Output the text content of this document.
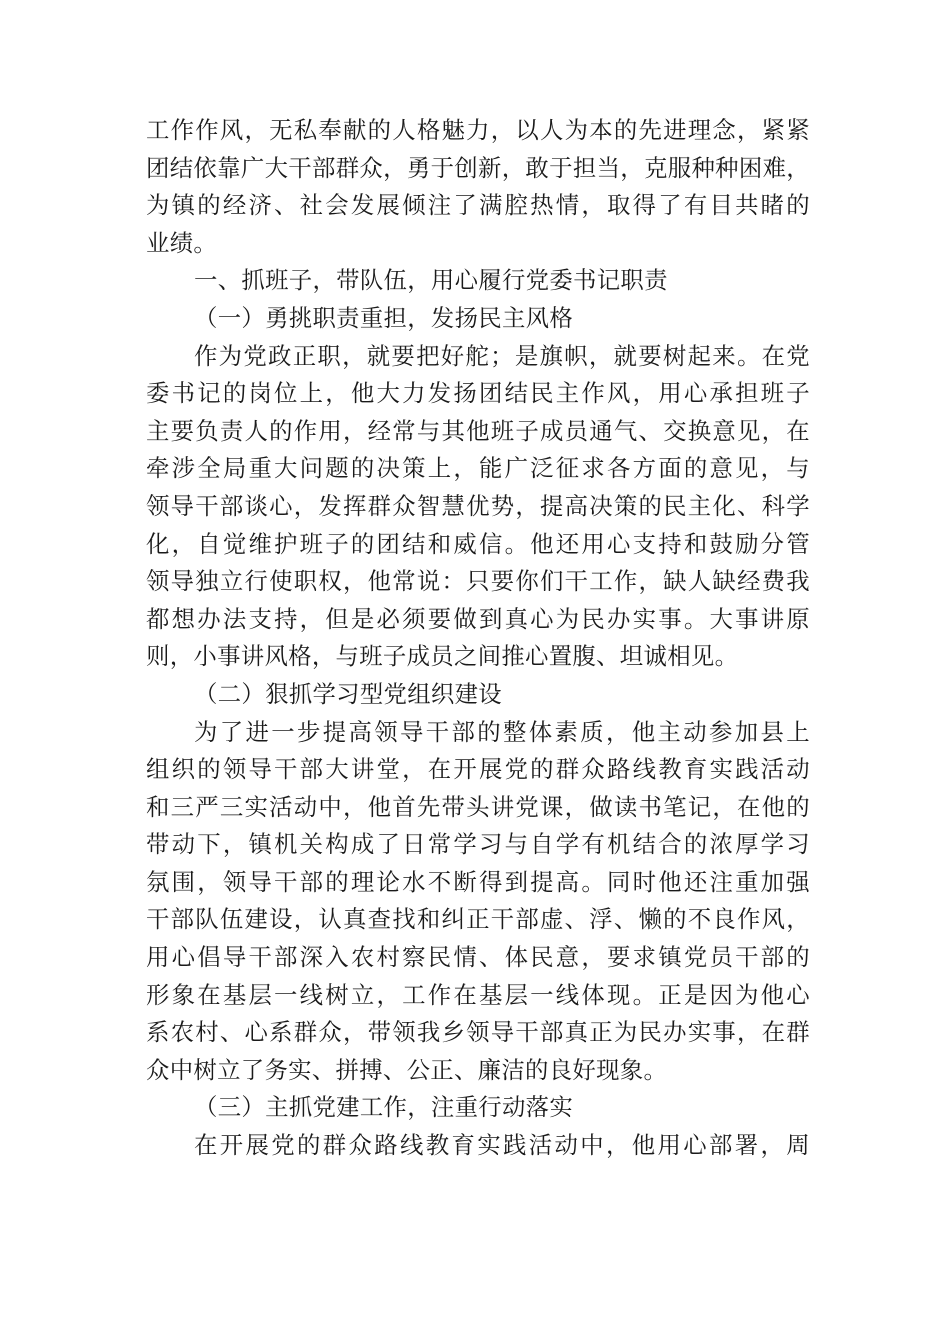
工作作风，无私奉献的人格魅力，以人为本的先进理念，紧紧
团结依靠广大干部群众，勇于创新，敢于担当，克服种种困难，
为镇的经济、社会发展倾注了满腔热情，取得了有目共睹的
业绩。
一、抓班子，带队伍，用心履行党委书记职责
（一）勇挑职责重担，发扬民主风格
作为党政正职，就要把好舵；是旗帜，就要树起来。在党
委书记的岗位上，他大力发扬团结民主作风，用心承担班子
主要负责人的作用，经常与其他班子成员通气、交换意见，在
牵涉全局重大问题的决策上，能广泛征求各方面的意见，与
领导干部谈心，发挥群众智慧优势，提高决策的民主化、科学
化，自觉维护班子的团结和威信。他还用心支持和鼓励分管
领导独立行使职权，他常说：只要你们干工作，缺人缺经费我
都想办法支持，但是必须要做到真心为民办实事。大事讲原
则，小事讲风格，与班子成员之间推心置腹、坦诚相见。
（二）狠抓学习型党组织建设
为了进一步提高领导干部的整体素质，他主动参加县上
组织的领导干部大讲堂，在开展党的群众路线教育实践活动
和三严三实活动中，他首先带头讲党课，做读书笔记，在他的
带动下，镇机关构成了日常学习与自学有机结合的浓厚学习
氛围，领导干部的理论水不断得到提高。同时他还注重加强
干部队伍建设，认真查找和纠正干部虚、浮、懒的不良作风，
用心倡导干部深入农村察民情、体民意，要求镇党员干部的
形象在基层一线树立，工作在基层一线体现。正是因为他心
系农村、心系群众，带领我乡领导干部真正为民办实事，在群
众中树立了务实、拼搏、公正、廉洁的良好现象。
（三）主抓党建工作，注重行动落实
在开展党的群众路线教育实践活动中，他用心部署，周
